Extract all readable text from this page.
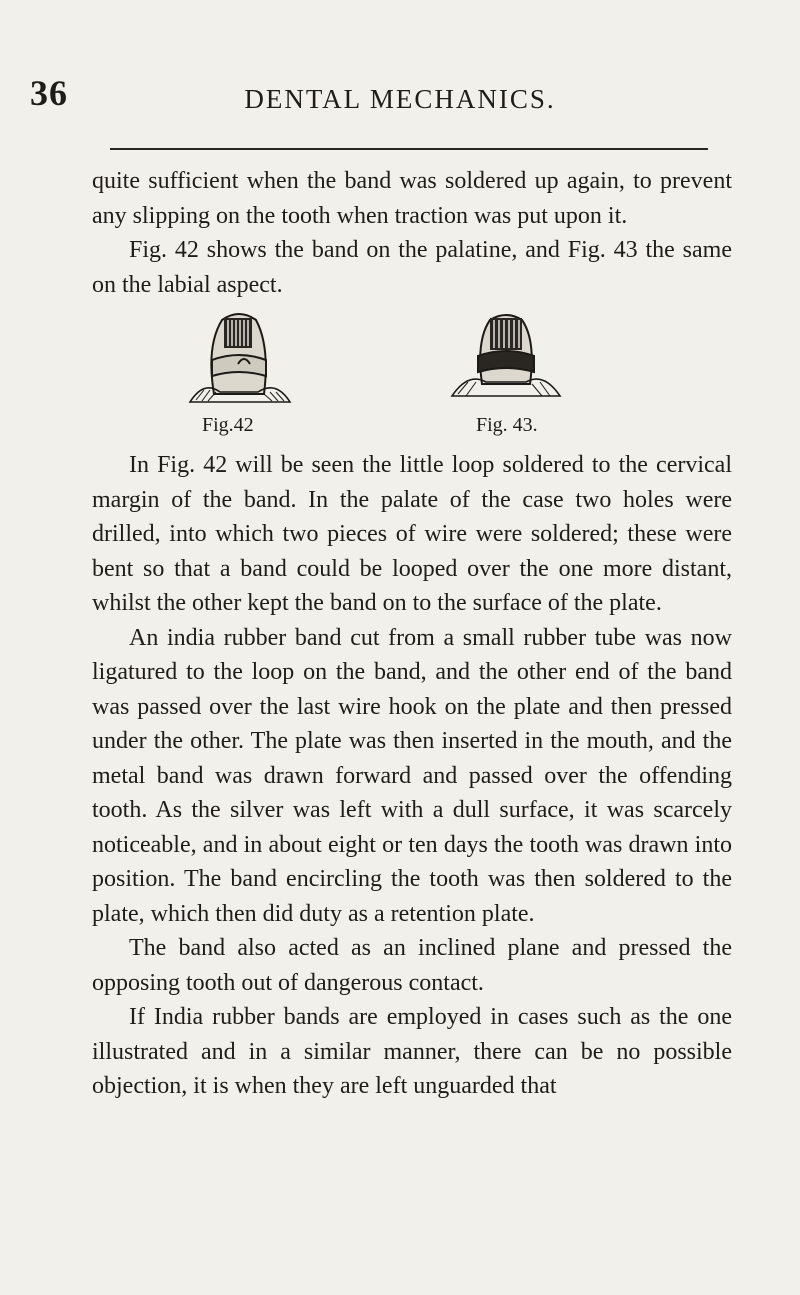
36	DENTAL MECHANICS.

quite sufficient when the band was soldered up again, to prevent any slipping on the tooth when traction was put upon it.

Fig. 42 shows the band on the palatine, and Fig. 43 the same on the labial aspect.

Fig.42	Fig. 43.

In Fig. 42 will be seen the little loop soldered to the cervical margin of the band. In the palate of the case two holes were drilled, into which two pieces of wire were soldered; these were bent so that a band could be looped over the one more distant, whilst the other kept the band on to the surface of the plate.

An india rubber band cut from a small rubber tube was now ligatured to the loop on the band, and the other end of the band was passed over the last wire hook on the plate and then pressed under the other. The plate was then inserted in the mouth, and the metal band was drawn forward and passed over the offending tooth. As the silver was left with a dull surface, it was scarcely noticeable, and in about eight or ten days the tooth was drawn into position. The band encircling the tooth was then soldered to the plate, which then did duty as a retention plate.

The band also acted as an inclined plane and pressed the opposing tooth out of dangerous contact.

If India rubber bands are employed in cases such as the one illustrated and in a similar manner, there can be no possible objection, it is when they are left unguarded that
